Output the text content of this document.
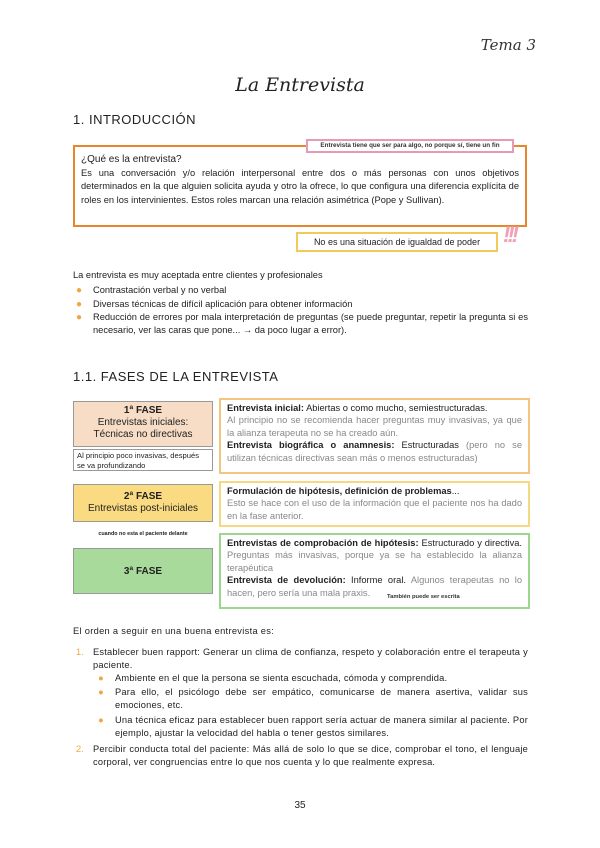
Tema 3
La Entrevista
1. INTRODUCCIÓN
¿Qué es la entrevista?
Es una conversación y/o relación interpersonal entre dos o más personas con unos objetivos determinados en la que alguien solicita ayuda y otro la ofrece, lo que configura una diferencia explícita de roles en los intervinientes. Estos roles marcan una relación asimétrica (Pope y Sullivan).
Entrevista tiene que ser para algo, no porque sí, tiene un fin
No es una situación de igualdad de poder	!!!
La entrevista es muy aceptada entre clientes y profesionales
●	Contrastación verbal y no verbal
●	Diversas técnicas de difícil aplicación para obtener información
●	Reducción de errores por mala interpretación de preguntas (se puede preguntar, repetir la pregunta si es necesario, ver las caras que pone... → da poco lugar a error).
1.1. FASES DE LA ENTREVISTA
1ª FASE
Entrevistas iniciales:
Técnicas no directivas
Al principio poco invasivas, después se va profundizando
2ª FASE
Entrevistas post-iniciales
cuando no esta el paciente delante
3ª FASE
Entrevista inicial: Abiertas o como mucho, semiestructuradas.
Al principio no se recomienda hacer preguntas muy invasivas, ya que la alianza terapeuta no se ha creado aún.
Entrevista biográfica o anamnesis: Estructuradas (pero no se utilizan técnicas directivas sean más o menos estructuradas)
Formulación de hipótesis, definición de problemas...
Esto se hace con el uso de la información que el paciente nos ha dado en la fase anterior.
Entrevistas de comprobación de hipótesis: Estructurado y directiva. Preguntas más invasivas, porque ya se ha establecido la alianza terapéutica
Entrevista de devolución: Informe oral. Algunos terapeutas no lo hacen, pero sería una mala praxis.	También puede ser escrita
El orden a seguir en una buena entrevista es:
1. Establecer buen rapport: Generar un clima de confianza, respeto y colaboración entre el terapeuta y paciente.
●	Ambiente en el que la persona se sienta escuchada, cómoda y comprendida.
●	Para ello, el psicólogo debe ser empático, comunicarse de manera asertiva, validar sus emociones, etc.
●	Una técnica eficaz para establecer buen rapport sería actuar de manera similar al paciente. Por ejemplo, ajustar la velocidad del habla o tener gestos similares.
2. Percibir conducta total del paciente: Más allá de solo lo que se dice, comprobar el tono, el lenguaje corporal, ver congruencias entre lo que nos cuenta y lo que realmente expresa.
35
